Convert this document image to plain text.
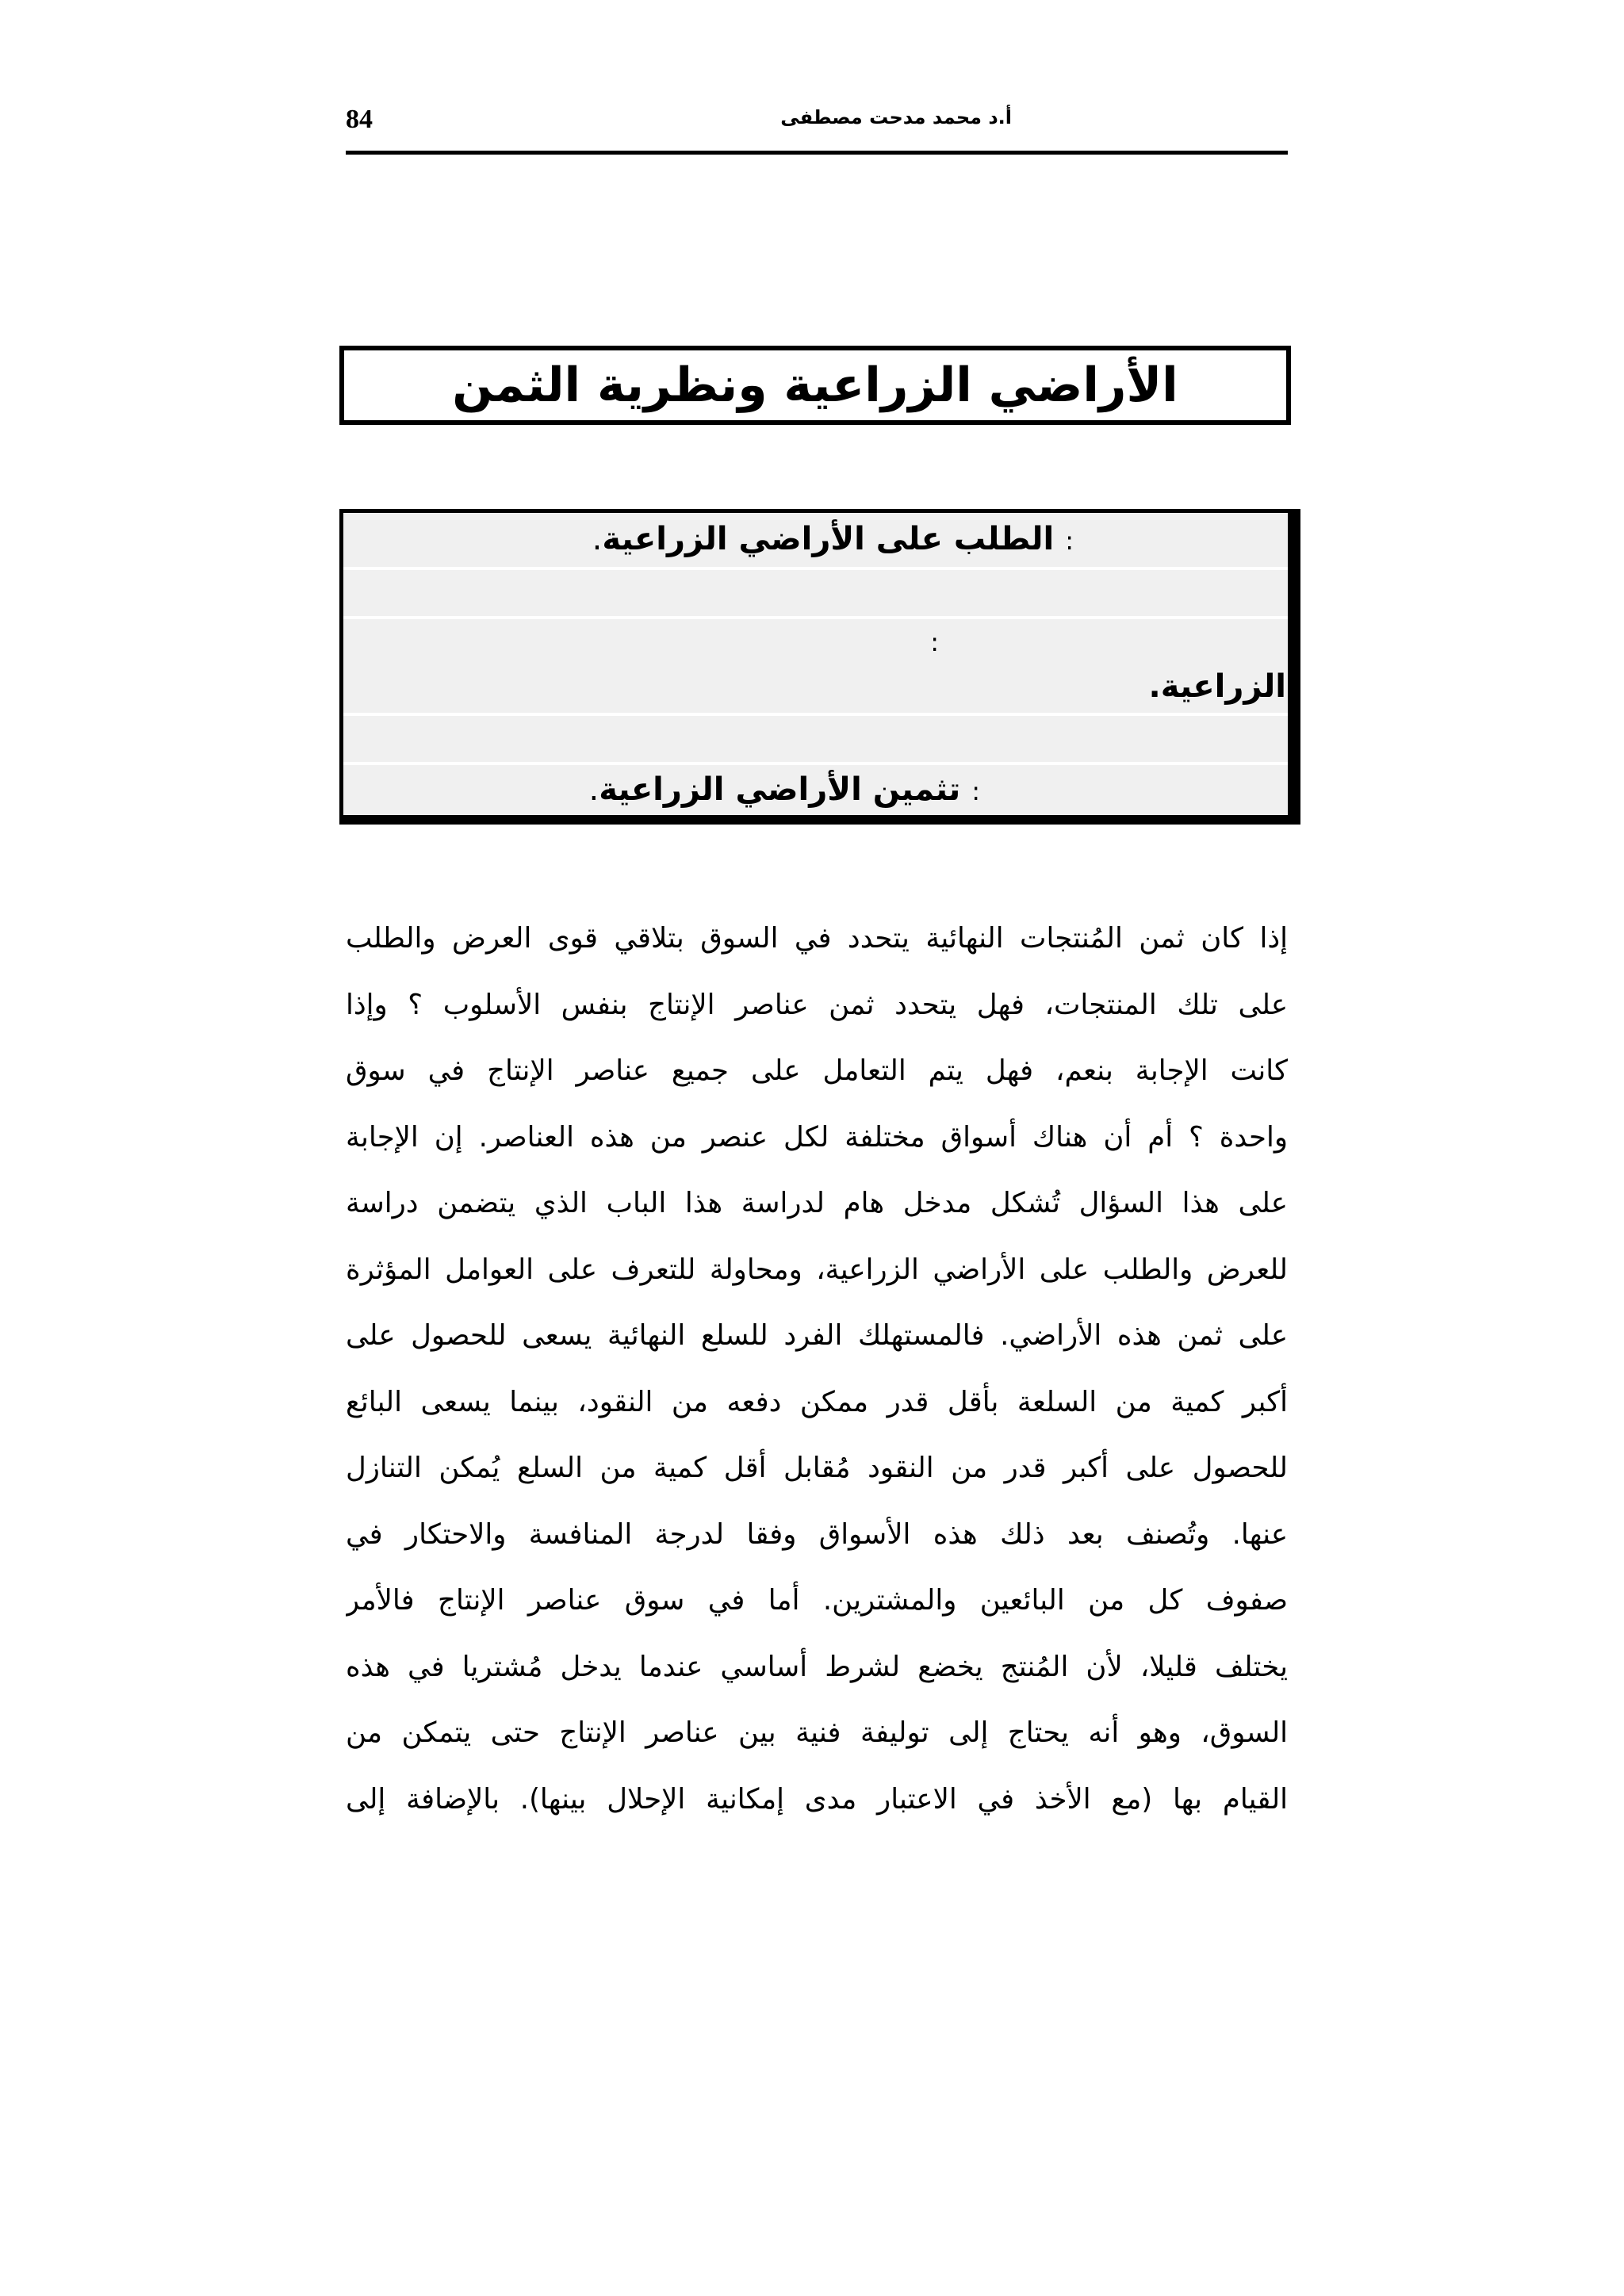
84	أ.د محمد مدحت مصطفى
الأراضي الزراعية ونظرية الثمن
:الطلب على الأراضي الزراعية.
:
الزراعية.
:تثمين الأراضي الزراعية.

إذا كان ثمن المُنتجات النهائية يتحدد في السوق بتلاقي قوى العرض والطلب
على تلك المنتجات، فهل يتحدد ثمن عناصر الإنتاج بنفس الأسلوب ؟ وإذا
كانت الإجابة بنعم، فهل يتم التعامل على جميع عناصر الإنتاج في سوق
واحدة ؟ أم أن هناك أسواق مختلفة لكل عنصر من هذه العناصر. إن الإجابة
على هذا السؤال تُشكل مدخل هام لدراسة هذا الباب الذي يتضمن دراسة
للعرض والطلب على الأراضي الزراعية، ومحاولة للتعرف على العوامل المؤثرة
على ثمن هذه الأراضي. فالمستهلك الفرد للسلع النهائية يسعى للحصول على
أكبر كمية من السلعة بأقل قدر ممكن دفعه من النقود، بينما يسعى البائع
للحصول على أكبر قدر من النقود مُقابل أقل كمية من السلع يُمكن التنازل
عنها. وتُصنف بعد ذلك هذه الأسواق وفقا لدرجة المنافسة والاحتكار في
صفوف كل من البائعين والمشترين. أما في سوق عناصر الإنتاج فالأمر
يختلف قليلا، لأن المُنتج يخضع لشرط أساسي عندما يدخل مُشتريا في هذه
السوق، وهو أنه يحتاج إلى توليفة فنية بين عناصر الإنتاج حتى يتمكن من
القيام بها (مع الأخذ في الاعتبار مدى إمكانية الإحلال بينها). بالإضافة إلى
